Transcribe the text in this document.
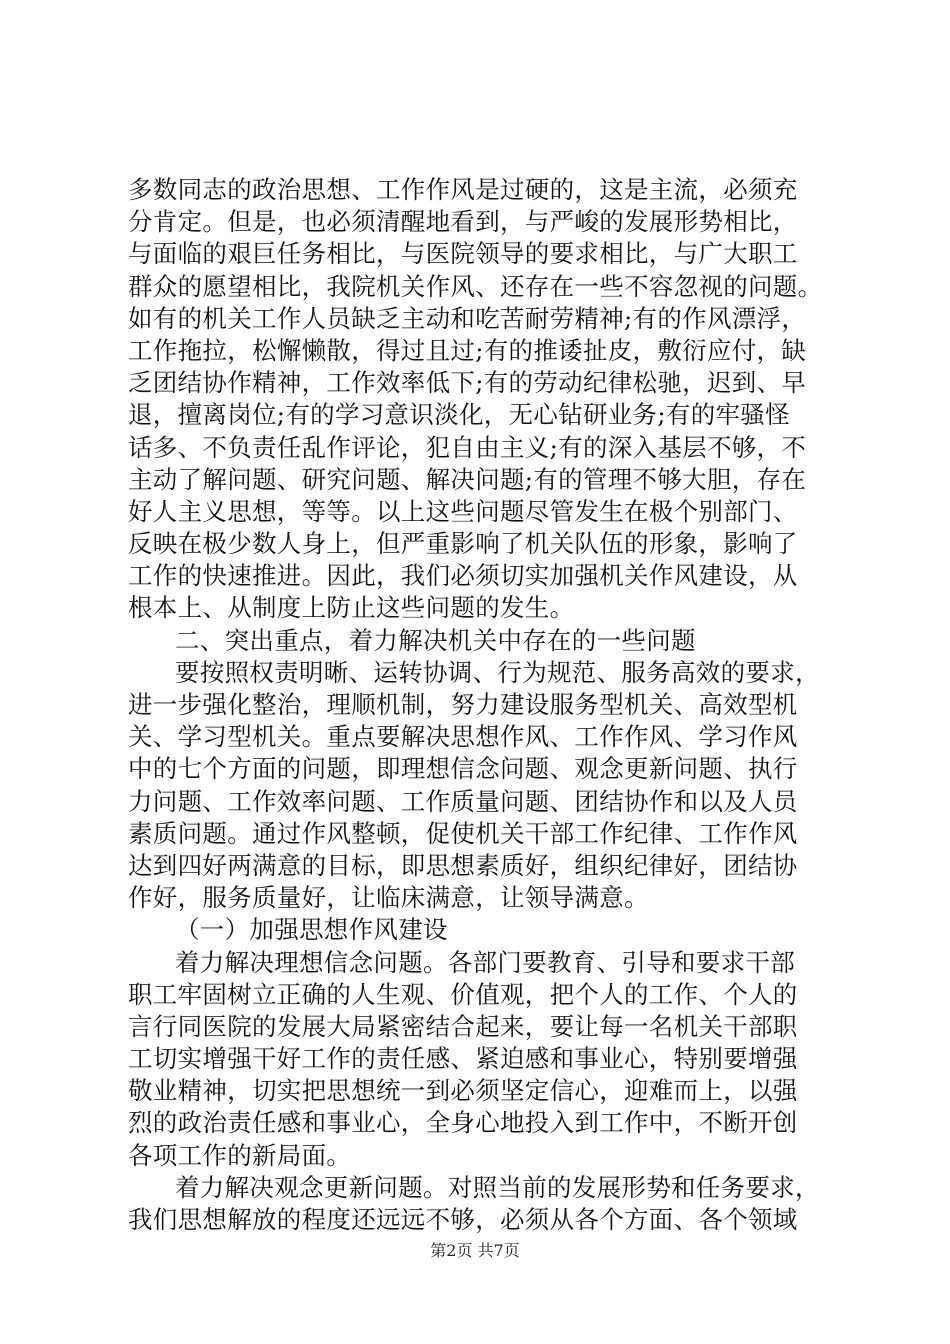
多数同志的政治思想、工作作风是过硬的，这是主流，必须充
分肯定。但是，也必须清醒地看到，与严峻的发展形势相比，
与面临的艰巨任务相比，与医院领导的要求相比，与广大职工
群众的愿望相比，我院机关作风、还存在一些不容忽视的问题。
如有的机关工作人员缺乏主动和吃苦耐劳精神;有的作风漂浮，
工作拖拉，松懈懒散，得过且过;有的推诿扯皮，敷衍应付，缺
乏团结协作精神，工作效率低下;有的劳动纪律松驰，迟到、早
退，擅离岗位;有的学习意识淡化，无心钻研业务;有的牢骚怪
话多、不负责任乱作评论，犯自由主义;有的深入基层不够，不
主动了解问题、研究问题、解决问题;有的管理不够大胆，存在
好人主义思想，等等。以上这些问题尽管发生在极个别部门、
反映在极少数人身上，但严重影响了机关队伍的形象，影响了
工作的快速推进。因此，我们必须切实加强机关作风建设，从
根本上、从制度上防止这些问题的发生。
二、突出重点，着力解决机关中存在的一些问题
要按照权责明晰、运转协调、行为规范、服务高效的要求，
进一步强化整治，理顺机制，努力建设服务型机关、高效型机
关、学习型机关。重点要解决思想作风、工作作风、学习作风
中的七个方面的问题，即理想信念问题、观念更新问题、执行
力问题、工作效率问题、工作质量问题、团结协作和以及人员
素质问题。通过作风整顿，促使机关干部工作纪律、工作作风
达到四好两满意的目标，即思想素质好，组织纪律好，团结协
作好，服务质量好，让临床满意，让领导满意。
（一）加强思想作风建设
着力解决理想信念问题。各部门要教育、引导和要求干部
职工牢固树立正确的人生观、价值观，把个人的工作、个人的
言行同医院的发展大局紧密结合起来，要让每一名机关干部职
工切实增强干好工作的责任感、紧迫感和事业心，特别要增强
敬业精神，切实把思想统一到必须坚定信心，迎难而上，以强
烈的政治责任感和事业心，全身心地投入到工作中，不断开创
各项工作的新局面。
着力解决观念更新问题。对照当前的发展形势和任务要求，
我们思想解放的程度还远远不够，必须从各个方面、各个领域
第2页 共7页
